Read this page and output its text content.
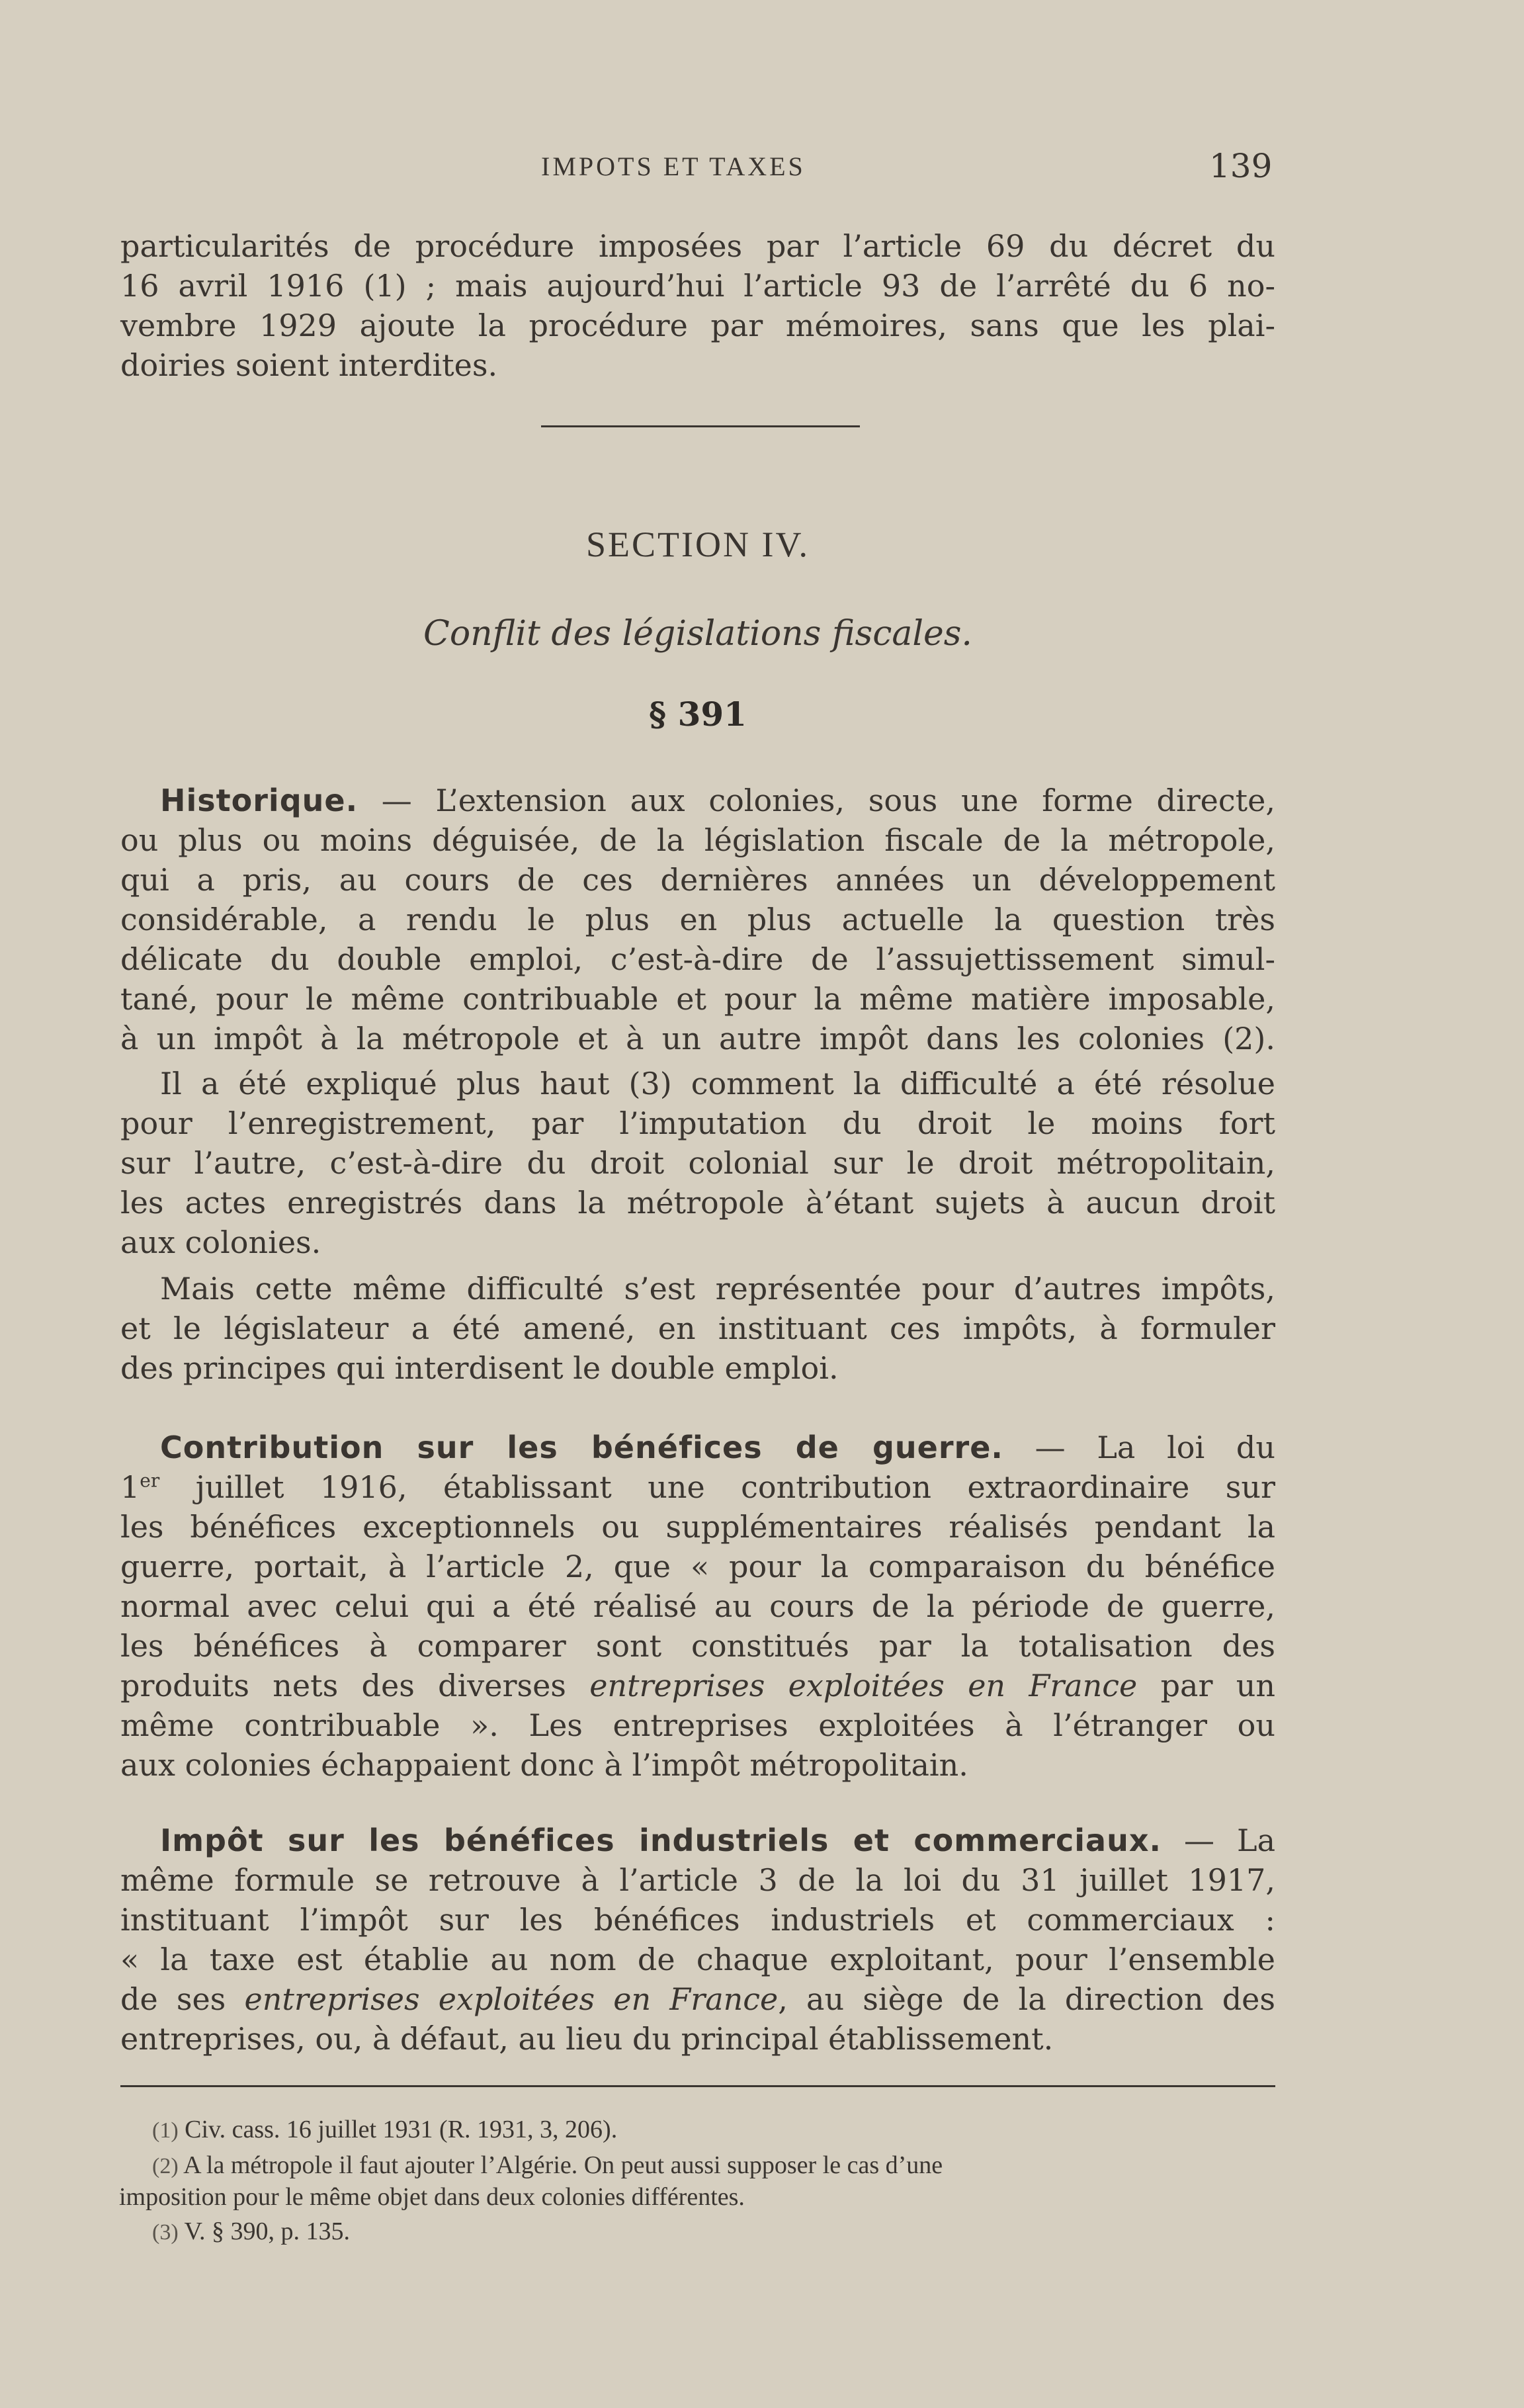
IMPOTS ET TAXES	139
particularités de procédure imposées par l’article 69 du décret du
16 avril 1916 (1) ; mais aujourd’hui l’article 93 de l’arrêté du 6 no-
vembre 1929 ajoute la procédure par mémoires, sans que les plai-
doiries soient interdites.
SECTION IV.
Conflit des législations fiscales.
§ 391
Historique. — L’extension aux colonies, sous une forme directe,
ou plus ou moins déguisée, de la législation fiscale de la métropole,
qui a pris, au cours de ces dernières années un développement
considérable, a rendu le plus en plus actuelle la question très
délicate du double emploi, c’est-à-dire de l’assujettissement simul-
tané, pour le même contribuable et pour la même matière imposable,
à un impôt à la métropole et à un autre impôt dans les colonies (2).
Il a été expliqué plus haut (3) comment la difficulté a été résolue
pour l’enregistrement, par l’imputation du droit le moins fort
sur l’autre, c’est-à-dire du droit colonial sur le droit métropolitain,
les actes enregistrés dans la métropole à’étant sujets à aucun droit
aux colonies.
Mais cette même difficulté s’est représentée pour d’autres impôts,
et le législateur a été amené, en instituant ces impôts, à formuler
des principes qui interdisent le double emploi.
Contribution sur les bénéfices de guerre. — La loi du
1er juillet 1916, établissant une contribution extraordinaire sur
les bénéfices exceptionnels ou supplémentaires réalisés pendant la
guerre, portait, à l’article 2, que « pour la comparaison du bénéfice
normal avec celui qui a été réalisé au cours de la période de guerre,
les bénéfices à comparer sont constitués par la totalisation des
produits nets des diverses entreprises exploitées en France par un
même contribuable ». Les entreprises exploitées à l’étranger ou
aux colonies échappaient donc à l’impôt métropolitain.
Impôt sur les bénéfices industriels et commerciaux. — La
même formule se retrouve à l’article 3 de la loi du 31 juillet 1917,
instituant l’impôt sur les bénéfices industriels et commerciaux :
« la taxe est établie au nom de chaque exploitant, pour l’ensemble
de ses entreprises exploitées en France, au siège de la direction des
entreprises, ou, à défaut, au lieu du principal établissement.
(1) Civ. cass. 16 juillet 1931 (R. 1931, 3, 206).
(2) A la métropole il faut ajouter l’Algérie. On peut aussi supposer le cas d’une
imposition pour le même objet dans deux colonies différentes.
(3) V. § 390, p. 135.
